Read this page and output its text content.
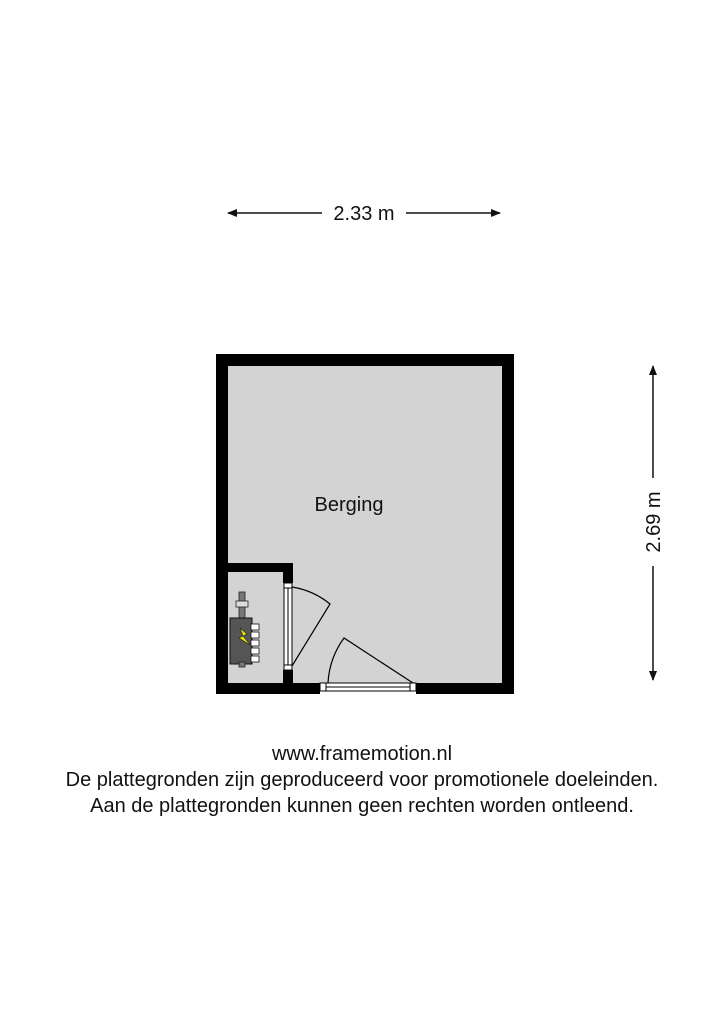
2.33 m
2.69 m
Berging
www.framemotion.nl
De plattegronden zijn geproduceerd voor promotionele doeleinden.
Aan de plattegronden kunnen geen rechten worden ontleend.
